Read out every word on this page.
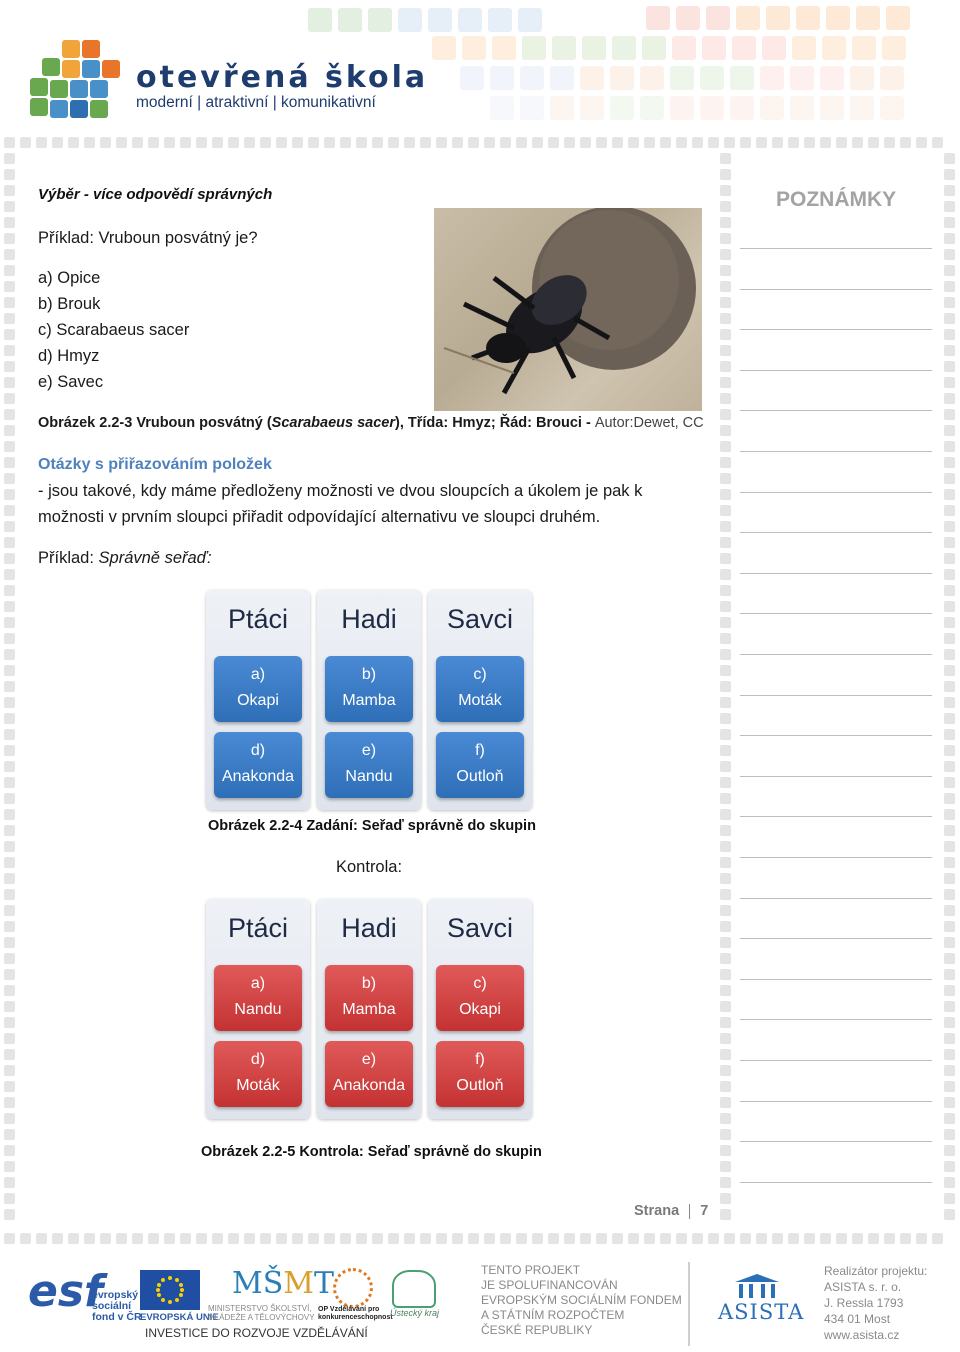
otevřená škola
moderní | atraktivní | komunikativní
Výběr - více odpovědí správných
Příklad: Vruboun posvátný je?
a) Opice
b) Brouk
c) Scarabaeus sacer
d) Hmyz
e) Savec
Obrázek 2.2-3 Vruboun posvátný (Scarabaeus sacer), Třída: Hmyz; Řád: Brouci - Autor:Dewet, CC
Otázky s přiřazováním položek
- jsou takové, kdy máme předloženy možnosti ve dvou sloupcích a úkolem je pak k možnosti v prvním sloupci přiřadit odpovídající alternativu ve sloupci druhém.
Příklad: Správně seřaď:
Ptáci
a)
Okapi
d)
Anakonda
Hadi
b)
Mamba
e)
Nandu
Savci
c)
Moták
f)
Outloň
Obrázek 2.2-4 Zadání: Seřaď správně do skupin
Kontrola:
Ptáci
a)
Nandu
d)
Moták
Hadi
b)
Mamba
e)
Anakonda
Savci
c)
Okapi
f)
Outloň
Obrázek 2.2-5 Kontrola: Seřaď správně do skupin
POZNÁMKY
Strana 7
esf
evropský sociální fond v ČR
EVROPSKÁ UNIE
MŠMT
MINISTERSTVO ŠKOLSTVÍ, MLÁDEŽE A TĚLOVÝCHOVY
OP Vzdělávání pro konkurenceschopnost
Ústecký kraj
INVESTICE DO ROZVOJE VZDĚLÁVÁNÍ
TENTO PROJEKT
JE SPOLUFINANCOVÁN
EVROPSKÝM SOCIÁLNÍM FONDEM
A STÁTNÍM ROZPOČTEM
ČESKÉ REPUBLIKY
ASISTA
Realizátor projektu:
ASISTA s. r. o.
J. Resslа 1793
434 01 Most
www.asista.cz
